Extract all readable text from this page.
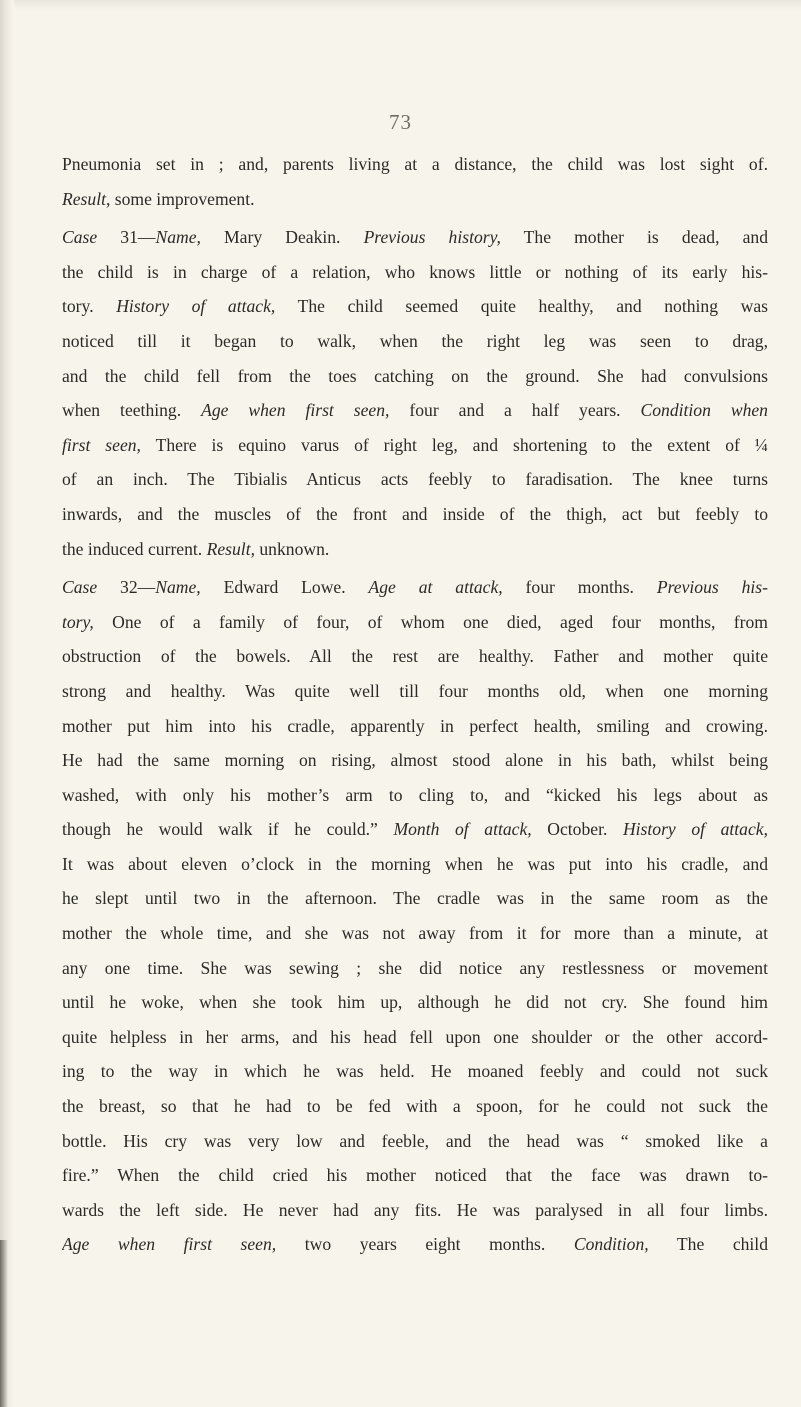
73
Pneumonia set in ; and, parents living at a distance, the child was lost sight of.
Result, some improvement.
Case 31—Name, Mary Deakin. Previous history, The mother is dead, and
the child is in charge of a relation, who knows little or nothing of its early his-
tory. History of attack, The child seemed quite healthy, and nothing was
noticed till it began to walk, when the right leg was seen to drag,
and the child fell from the toes catching on the ground. She had convulsions
when teething. Age when first seen, four and a half years. Condition when
first seen, There is equino varus of right leg, and shortening to the extent of ¼
of an inch. The Tibialis Anticus acts feebly to faradisation. The knee turns
inwards, and the muscles of the front and inside of the thigh, act but feebly to
the induced current. Result, unknown.
Case 32—Name, Edward Lowe. Age at attack, four months. Previous his-
tory, One of a family of four, of whom one died, aged four months, from
obstruction of the bowels. All the rest are healthy. Father and mother quite
strong and healthy. Was quite well till four months old, when one morning
mother put him into his cradle, apparently in perfect health, smiling and crowing.
He had the same morning on rising, almost stood alone in his bath, whilst being
washed, with only his mother’s arm to cling to, and “kicked his legs about as
though he would walk if he could.” Month of attack, October. History of attack,
It was about eleven o’clock in the morning when he was put into his cradle, and
he slept until two in the afternoon. The cradle was in the same room as the
mother the whole time, and she was not away from it for more than a minute, at
any one time. She was sewing ; she did notice any restlessness or movement
until he woke, when she took him up, although he did not cry. She found him
quite helpless in her arms, and his head fell upon one shoulder or the other accord-
ing to the way in which he was held. He moaned feebly and could not suck
the breast, so that he had to be fed with a spoon, for he could not suck the
bottle. His cry was very low and feeble, and the head was “ smoked like a
fire.” When the child cried his mother noticed that the face was drawn to-
wards the left side. He never had any fits. He was paralysed in all four limbs.
Age when first seen, two years eight months. Condition, The child
